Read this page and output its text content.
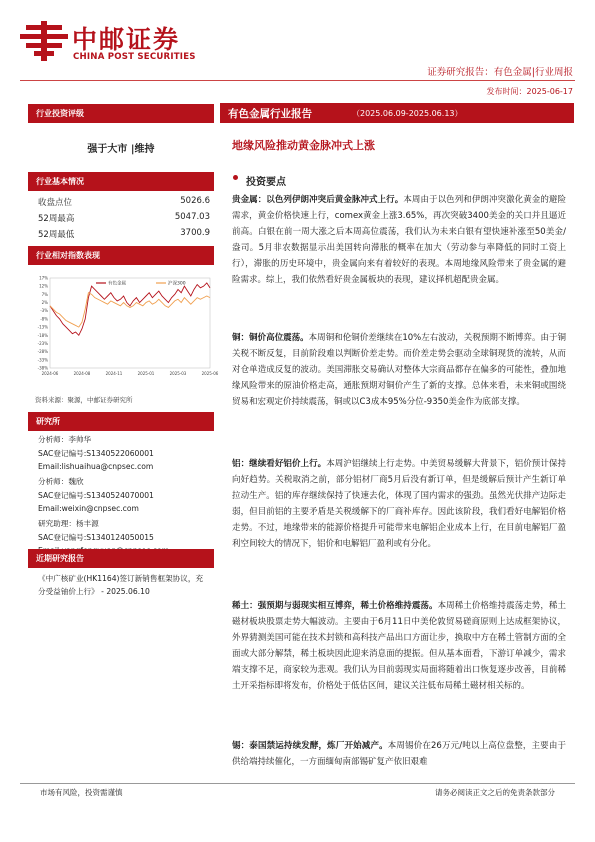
中邮证券
CHINA POST SECURITIES
证券研究报告：有色金属|行业周报
发布时间：2025-06-17
行业投资评级
强于大市 |维持
行业基本情况
收盘点位	5026.6
52周最高	5047.03
52周最低	3700.9
行业相对指数表现
17%
12%
7%
2%
-3%
-8%
-13%
-18%
-23%
-28%
-33%
-38%
2024-06	2024-08	2024-11	2025-01	2025-03	2025-06
有色金属	沪深300
资料来源：聚源，中邮证券研究所
研究所
分析师：李帅华
SAC登记编号:S1340522060001
Email:lishuaihua@cnpsec.com
分析师：魏欣
SAC登记编号:S1340524070001
Email:weixin@cnpsec.com
研究助理：杨丰源
SAC登记编号:S1340124050015
近期研究报告
《中广核矿业(HK1164)签订新销售框架协议，充分受益铀价上行》 - 2025.06.10
有色金属行业报告	（2025.06.09-2025.06.13）
地缘风险推动黄金脉冲式上涨
投资要点
贵金属：以色列伊朗冲突后黄金脉冲式上行。本周由于以色列和伊朗冲突激化黄金的避险需求，黄金价格快速上行，comex黄金上涨3.65%，再次突破3400美金的关口并且逼近前高。白银在前一周大涨之后本周高位震荡，我们认为未来白银有望快速补涨至50美金/盎司。5月非农数据显示出美国转向滞胀的概率在加大（劳动参与率降低的同时工资上行），滞胀的历史环境中，贵金属向来有着较好的表现。本周地缘风险带来了贵金属的避险需求。综上，我们依然看好贵金属板块的表现，建议择机超配贵金属。
铜：铜价高位震荡。本周铜和伦铜价差继续在10%左右波动，关税预期不断博弈。由于铜关税不断反复，目前阶段难以判断价差走势。而价差走势会驱动全球铜现货的流转，从而对仓单造成反复的波动。美国滞胀交易确认对整体大宗商品都存在偏多的可能性，叠加地缘风险带来的原油价格走高，通胀预期对铜价产生了新的支撑。总体来看，未来铜或围绕贸易和宏观定价持续震荡，铜或以C3成本95%分位-9350美金作为底部支撑。
铝：继续看好铝价上行。本周沪铝继续上行走势。中美贸易缓解大背景下，铝价预计保持向好趋势。关税取消之前，部分铝材厂商5月后没有新订单，但是缓解后预计产生新订单拉动生产。铝的库存继续保持了快速去化，体现了国内需求的强劲。虽然光伏排产边际走弱，但目前铝的主要矛盾是关税缓解下的厂商补库存。因此该阶段，我们看好电解铝价格走势。不过，地缘带来的能源价格提升可能带来电解铝企业成本上行，在目前电解铝厂盈利空间较大的情况下，铝价和电解铝厂盈利或有分化。
稀土：强预期与弱现实相互博弈，稀土价格维持震荡。本周稀土价格维持震荡走势，稀土磁材板块股票走势大幅波动。主要由于6月11日中美伦敦贸易磋商原则上达成框架协议，外界猜测美国可能在技术封锁和高科技产品出口方面让步，换取中方在稀土管制方面的全面或大部分解禁，稀土板块因此迎来消息面的提振。但从基本面看，下游订单减少，需求端支撑不足，商家较为悲观。我们认为目前弱现实局面将随着出口恢复逐步改善，目前稀土开采指标即将发布，价格处于低估区间，建议关注低布局稀土磁材相关标的。
锡：泰国禁运持续发酵，炼厂开始减产。本周锡价在26万元/吨以上高位盘整，主要由于供给端持续催化，一方面缅甸南部锡矿复产依旧艰难
市场有风险，投资需谨慎	请务必阅读正文之后的免责条款部分
